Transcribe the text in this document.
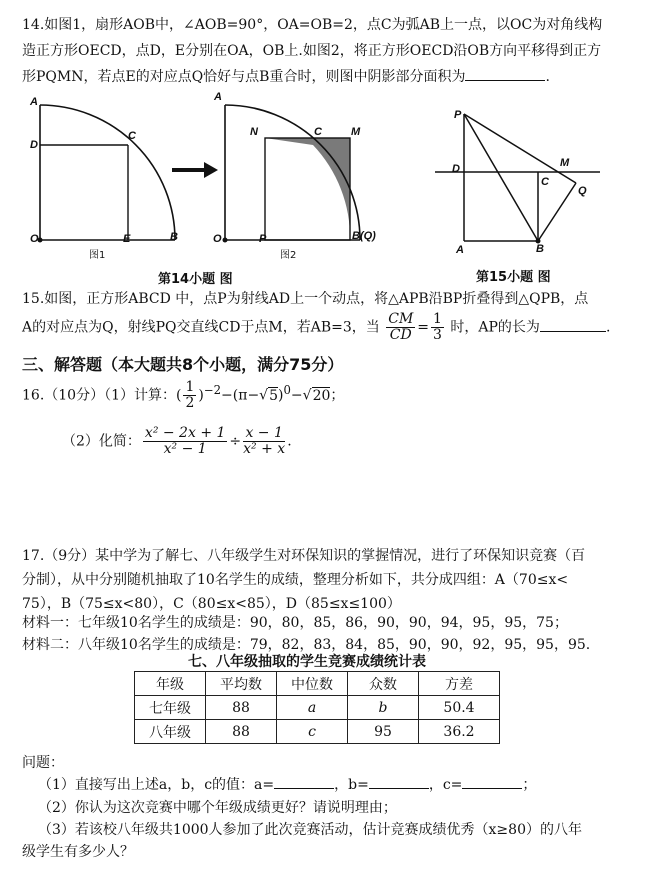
14.如图1，扇形AOB中，∠AOB=90°，OA=OB=2，点C为弧AB上一点，以OC为对角线构
造正方形OECD，点D，E分别在OA，OB上.如图2，将正方形OECD沿OB方向平移得到正方
形PQMN，若点E的对应点Q恰好与点B重合时，则图中阴影部分面积为	.
A
D
C
O	E	B
图1
A
N	C	M
O	P	B(Q)
图2
第14小题 图
P
D	M
C
Q
A	B
第15小题 图
15.如图，正方形ABCD 中，点P为射线AD上一个动点，将△APB沿BP折叠得到△QPB，点
A的对应点为Q，射线PQ交直线CD于点M，若AB=3，当 $\frac{CM}{CD} = \frac{1}{3}$ 时，AP的长为	.
三、解答题（本大题共8个小题，满分75分）
16.（10分）（1）计算：( $\frac{1}{2} )^{-2}-(\pi-√5)^0-√20$；
（2）化简： $\frac{\text{x² − 2x + 1}}{\text{x² − 1}} \div \frac{x - 1}{\text{x² + x}}$ .
17.（9分）某中学为了解七、八年级学生对环保知识的掌握情况，进行了环保知识竞赛（百
分制），从中分别随机抽取了10名学生的成绩，整理分析如下，共分成四组：A（70≤x<
75），B（75≤x<80），C（80≤x<85），D（85≤x≤100）
材料一：七年级10名学生的成绩是：90，80，85，86，90，90，94，95，95，75；
材料二：八年级10名学生的成绩是：79，82，83，84，85，90，90，92，95，95，95.
七、八年级抽取的学生竞赛成绩统计表
年级	平均数	中位数	众数	方差
七年级	88	a	b	50.4
八年级	88	c	95	36.2
问题：
（1）直接写出上述a，b，c的值：a=	，b=	，c=	；
（2）你认为这次竞赛中哪个年级成绩更好？请说明理由；
（3）若该校八年级共1000人参加了此次竞赛活动，估计竞赛成绩优秀（x≥80）的八年
级学生有多少人？
